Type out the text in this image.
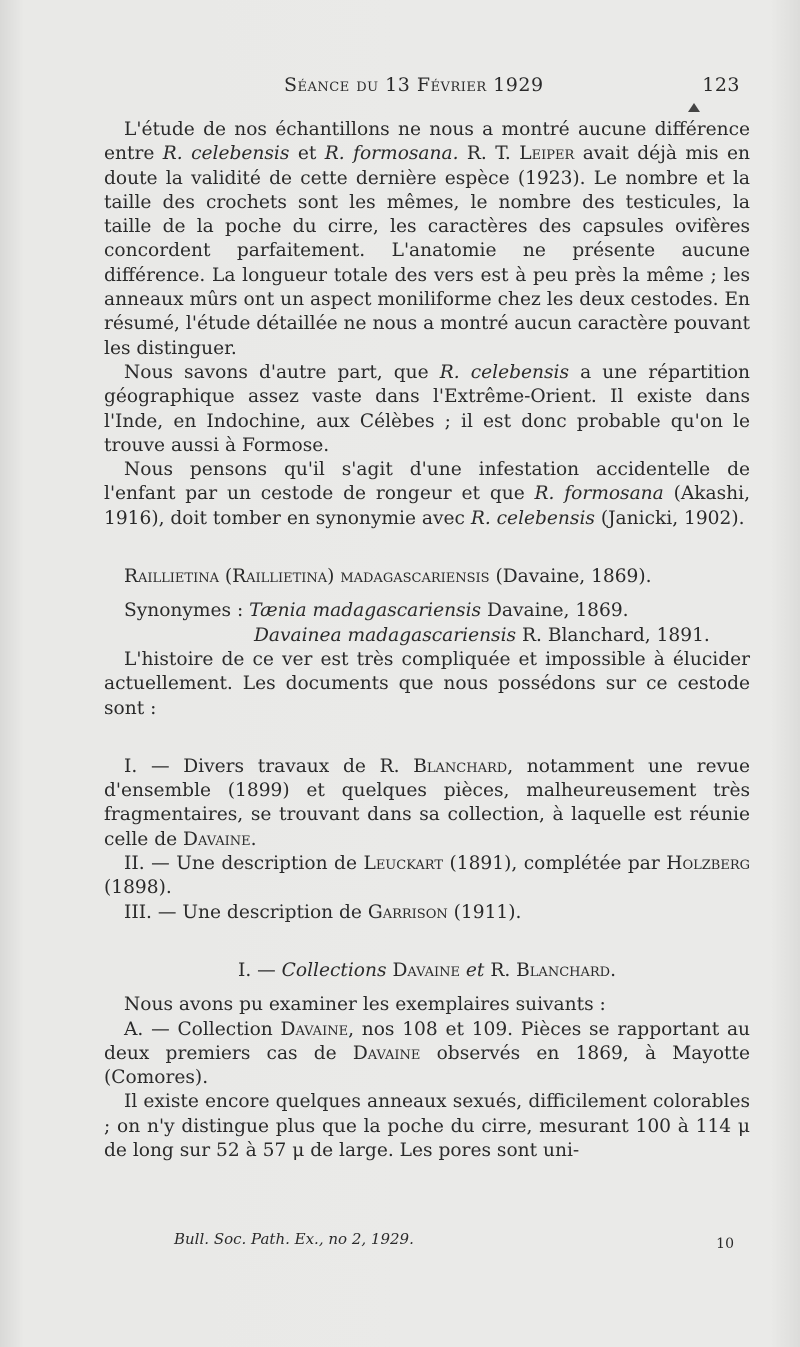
Séance du 13 Février 1929	123

L'étude de nos échantillons ne nous a montré aucune différence entre R. celebensis et R. formosana. R. T. Leiper avait déjà mis en doute la validité de cette dernière espèce (1923). Le nombre et la taille des crochets sont les mêmes, le nombre des testicules, la taille de la poche du cirre, les caractères des capsules ovifères concordent parfaitement. L'anatomie ne présente aucune différence. La longueur totale des vers est à peu près la même ; les anneaux mûrs ont un aspect moniliforme chez les deux cestodes. En résumé, l'étude détaillée ne nous a montré aucun caractère pouvant les distinguer.

Nous savons d'autre part, que R. celebensis a une répartition géographique assez vaste dans l'Extrême-Orient. Il existe dans l'Inde, en Indochine, aux Célèbes ; il est donc probable qu'on le trouve aussi à Formose.

Nous pensons qu'il s'agit d'une infestation accidentelle de l'enfant par un cestode de rongeur et que R. formosana (Akashi, 1916), doit tomber en synonymie avec R. celebensis (Janicki, 1902).

Raillietina (Raillietina) madagascariensis (Davaine, 1869).

Synonymes : Tænia madagascariensis Davaine, 1869.

Davainea madagascariensis R. Blanchard, 1891.

L'histoire de ce ver est très compliquée et impossible à élucider actuellement. Les documents que nous possédons sur ce cestode sont :

I. — Divers travaux de R. Blanchard, notamment une revue d'ensemble (1899) et quelques pièces, malheureusement très fragmentaires, se trouvant dans sa collection, à laquelle est réunie celle de Davaine.

II. — Une description de Leuckart (1891), complétée par Holzberg (1898).

III. — Une description de Garrison (1911).

I. — Collections Davaine et R. Blanchard.

Nous avons pu examiner les exemplaires suivants :

A. — Collection Davaine, nos 108 et 109. Pièces se rapportant au deux premiers cas de Davaine observés en 1869, à Mayotte (Comores).

Il existe encore quelques anneaux sexués, difficilement colorables ; on n'y distingue plus que la poche du cirre, mesurant 100 à 114 μ de long sur 52 à 57 μ de large. Les pores sont uni-

Bull. Soc. Path. Ex., no 2, 1929.	10
